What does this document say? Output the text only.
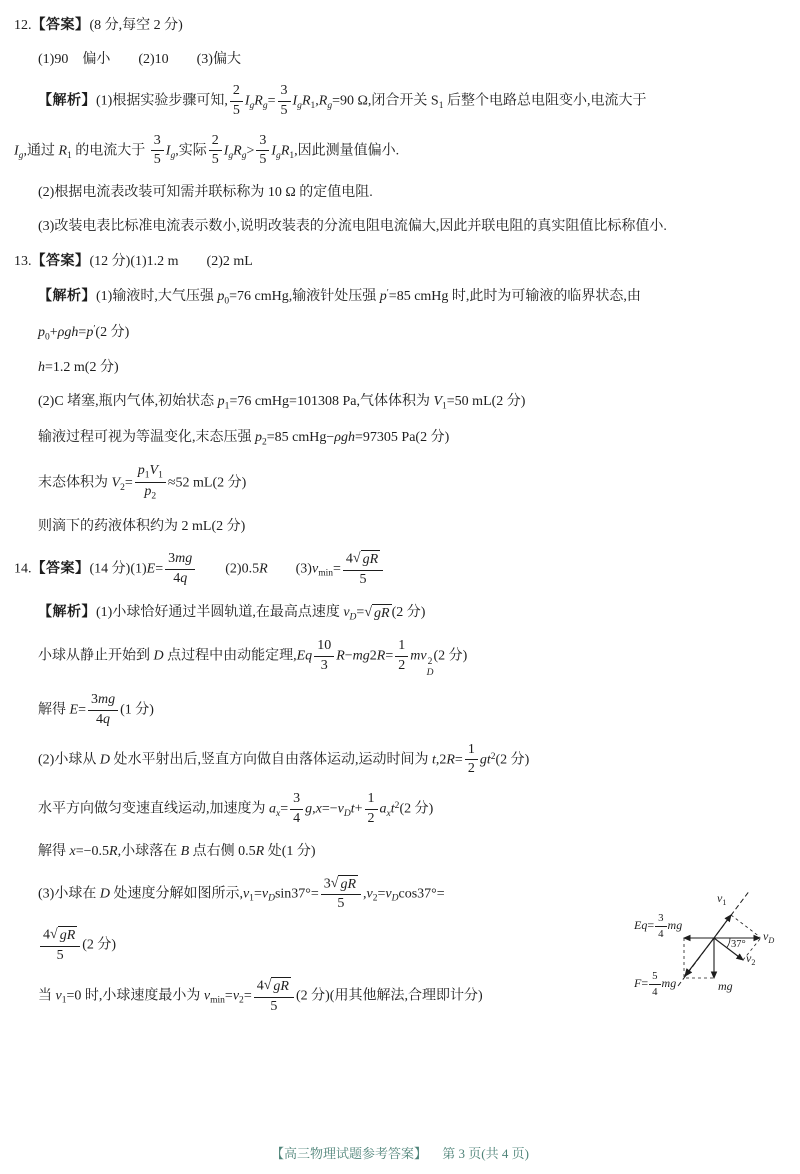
12.【答案】(8 分,每空 2 分)
(1)90　偏小　　(2)10　　(3)偏大
【解析】(1)根据实验步骤可知, $\frac{2}{5} I_gR_g= \frac{3}{5} I_gR_1,R_g=90$ Ω,闭合开关 $S_1$ 后整个电路总电阻变小,电流大于
$I_g$,通过 $R_1$ 的电流大于 $\frac{3}{5} I_g$,实际 $\frac{2}{5} I_gR_g> \frac{3}{5} I_gR_1$,因此测量值偏小.
(2)根据电流表改装可知需并联标称为 10 Ω 的定值电阻.
(3)改装电表比标准电流表示数小,说明改装表的分流电阻电流偏大,因此并联电阻的真实阻值比标称值小.
13.【答案】(12 分)(1)1.2 m　　(2)2 mL
【解析】(1)输液时,大气压强 $p_0=76$ cmHg,输液针处压强 p′=85 cmHg 时,此时为可输液的临界状态,由
$p_0+\rho gh=p'(2$ 分)
h=1.2 m(2 分)
(2)C 堵塞,瓶内气体,初始状态 $p_1=76$ cmHg=101308 Pa,气体体积为 $V_1=50$ mL(2 分)
输液过程可视为等温变化,末态压强 $p_2=85$ cmHg−ρgh=97305 Pa(2 分)
末态体积为 $V_2= \frac{p_1V_1}{p_2} \approx 52$ mL(2 分)
则滴下的药液体积约为 2 mL(2 分)
14.【答案】(14 分)$(1)E= \frac{3mg}{4q}$ 　　(2)0.5R　　$(3)v_{min}= \frac{4 √ gR}{5}$
【解析】(1)小球恰好通过半圆轨道,在最高点速度 $v_D=$ √ gR (2 分)
小球从静止开始到 D 点过程中由动能定理$,Eq \frac{10}{3} R-mg2R= \frac{1}{2}$ mv 2
D
(2 分)
解得 $E= \frac{3mg}{4q} (1$ 分)
(2)小球从 D 处水平射出后,竖直方向做自由落体运动,运动时间为 $t,2R= \frac{1}{2} gt^2(2$ 分)
水平方向做匀变速直线运动,加速度为 $a_x= \frac{3}{4} g,x=-v_Dt+ \frac{1}{2} a_xt^2(2$ 分)
解得 x=−0.5R,小球落在 B 点右侧 0.5R 处(1 分)
(3)小球在 D 处速度分解如图所示$,v_1=v_D\sin 37^\circ= \frac{3 √ gR}{5} ,v_2=v_D\cos 37^\circ=$
$\frac{4 √ gR}{5} (2$ 分)
当 $v_1=0$ 时,小球速度最小为 $v_{min}=v_2= \frac{4 √ gR}{5} (2$ 分)(用其他解法,合理即计分)
$Eq= \frac{3}{4}$ mg
$v_1$
$v_D$
37°
$v_2$
mg
$F= \frac{5}{4}$ mg
【高三物理试题参考答案】 第 3 页(共 4 页)
